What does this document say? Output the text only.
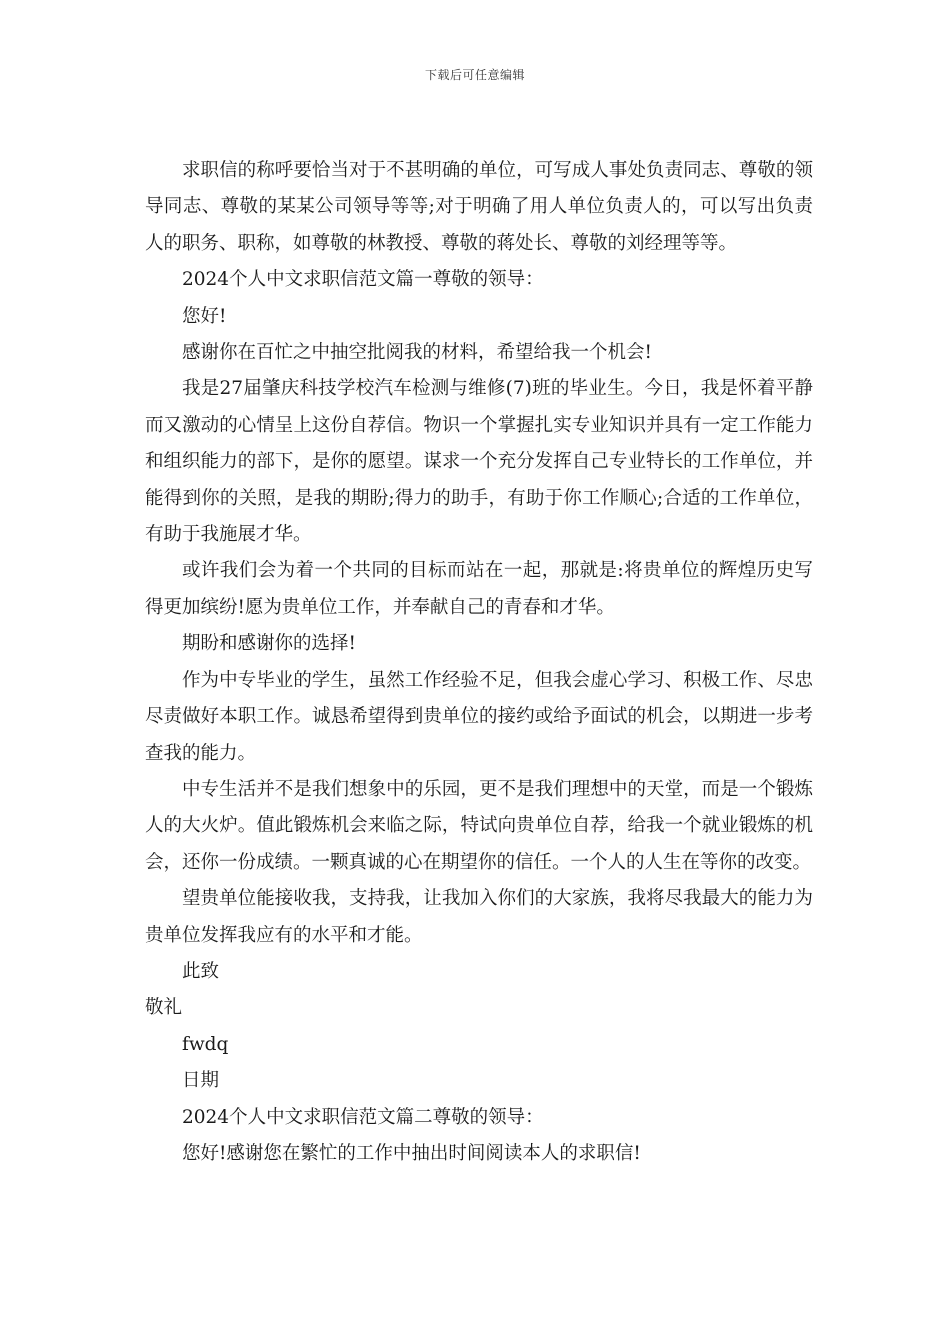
下载后可任意编辑

求职信的称呼要恰当对于不甚明确的单位，可写成人事处负责同志、尊敬的领导同志、尊敬的某某公司领导等等;对于明确了用人单位负责人的，可以写出负责人的职务、职称，如尊敬的林教授、尊敬的蒋处长、尊敬的刘经理等等。

2024个人中文求职信范文篇一尊敬的领导：

您好!

感谢你在百忙之中抽空批阅我的材料，希望给我一个机会!

我是27届肇庆科技学校汽车检测与维修(7)班的毕业生。今日，我是怀着平静而又激动的心情呈上这份自荐信。物识一个掌握扎实专业知识并具有一定工作能力和组织能力的部下，是你的愿望。谋求一个充分发挥自己专业特长的工作单位，并能得到你的关照，是我的期盼;得力的助手，有助于你工作顺心;合适的工作单位，有助于我施展才华。

或许我们会为着一个共同的目标而站在一起，那就是:将贵单位的辉煌历史写得更加缤纷!愿为贵单位工作，并奉献自己的青春和才华。

期盼和感谢你的选择!

作为中专毕业的学生，虽然工作经验不足，但我会虚心学习、积极工作、尽忠尽责做好本职工作。诚恳希望得到贵单位的接约或给予面试的机会，以期进一步考查我的能力。

中专生活并不是我们想象中的乐园，更不是我们理想中的天堂，而是一个锻炼人的大火炉。值此锻炼机会来临之际，特试向贵单位自荐，给我一个就业锻炼的机会，还你一份成绩。一颗真诚的心在期望你的信任。一个人的人生在等你的改变。

望贵单位能接收我，支持我，让我加入你们的大家族，我将尽我最大的能力为贵单位发挥我应有的水平和才能。

此致

敬礼

fwdq

日期

2024个人中文求职信范文篇二尊敬的领导：

您好!感谢您在繁忙的工作中抽出时间阅读本人的求职信!
